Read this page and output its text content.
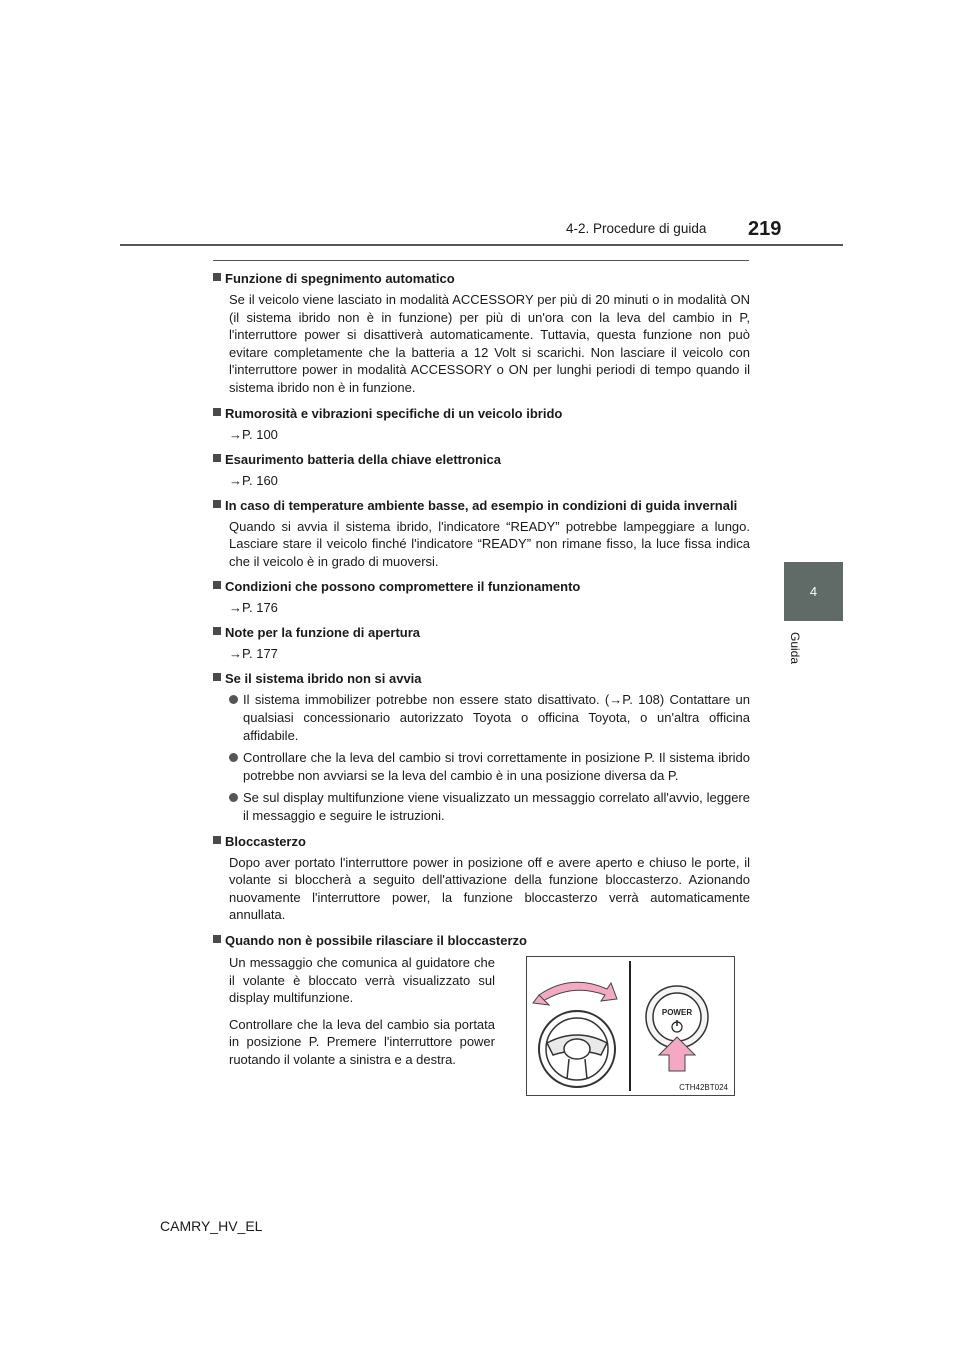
219
4-2. Procedure di guida
4
Guida
Funzione di spegnimento automatico
Se il veicolo viene lasciato in modalità ACCESSORY per più di 20 minuti o in modalità ON (il sistema ibrido non è in funzione) per più di un'ora con la leva del cambio in P, l'interruttore power si disattiverà automaticamente. Tuttavia, questa funzione non può evitare completamente che la batteria a 12 Volt si scarichi. Non lasciare il veicolo con l'interruttore power in modalità ACCESSORY o ON per lunghi periodi di tempo quando il sistema ibrido non è in funzione.
Rumorosità e vibrazioni specifiche di un veicolo ibrido
→P. 100
Esaurimento batteria della chiave elettronica
→P. 160
In caso di temperature ambiente basse, ad esempio in condizioni di guida invernali
Quando si avvia il sistema ibrido, l'indicatore “READY” potrebbe lampeggiare a lungo. Lasciare stare il veicolo finché l'indicatore “READY” non rimane fisso, la luce fissa indica che il veicolo è in grado di muoversi.
Condizioni che possono compromettere il funzionamento
→P. 176
Note per la funzione di apertura
→P. 177
Se il sistema ibrido non si avvia
Il sistema immobilizer potrebbe non essere stato disattivato. (→P. 108) Contattare un qualsiasi concessionario autorizzato Toyota o officina Toyota, o un'altra officina affidabile.
Controllare che la leva del cambio si trovi correttamente in posizione P. Il sistema ibrido potrebbe non avviarsi se la leva del cambio è in una posizione diversa da P.
Se sul display multifunzione viene visualizzato un messaggio correlato all'avvio, leggere il messaggio e seguire le istruzioni.
Bloccasterzo
Dopo aver portato l'interruttore power in posizione off e avere aperto e chiuso le porte, il volante si bloccherà a seguito dell'attivazione della funzione bloccasterzo. Azionando nuovamente l'interruttore power, la funzione bloccasterzo verrà automaticamente annullata.
Quando non è possibile rilasciare il bloccasterzo
Un messaggio che comunica al guidatore che il volante è bloccato verrà visualizzato sul display multifunzione.
Controllare che la leva del cambio sia portata in posizione P. Premere l'interruttore power ruotando il volante a sinistra e a destra.
POWER
CTH42BT024
CAMRY_HV_EL
